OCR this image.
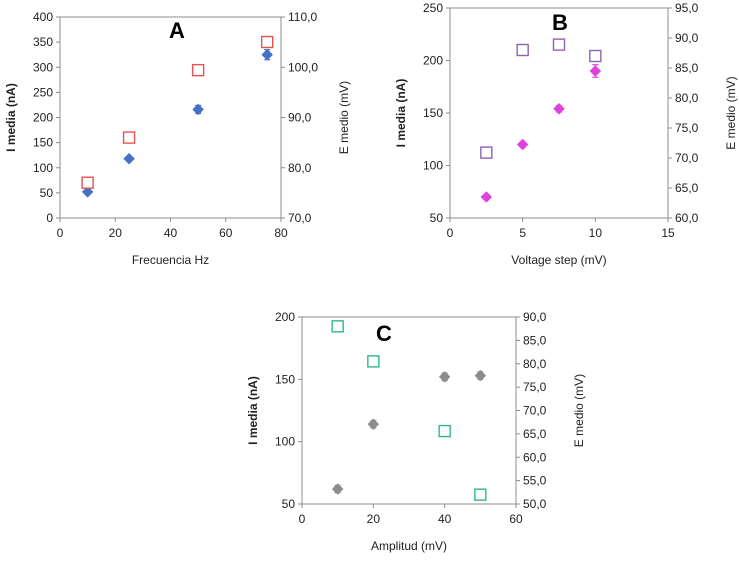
0	20	40	60	80
0
50
100
150
200
250
300
350
400
70,0
80,0
90,0
100,0
110,0
Frecuencia Hz
I media (nA)	E medio (mV)
A
0	5	10	15
50
100
150
200
250
60,0
65,0
70,0
75,0
80,0
85,0
90,0
95,0
Voltage step (mV)
I media (nA)	E medio (mV)
B
0	20	40	60
50
100
150
200
50,0
55,0
60,0
65,0
70,0
75,0
80,0
85,0
90,0
Amplitud (mV)
I media (nA)	E medio (mV)
C
